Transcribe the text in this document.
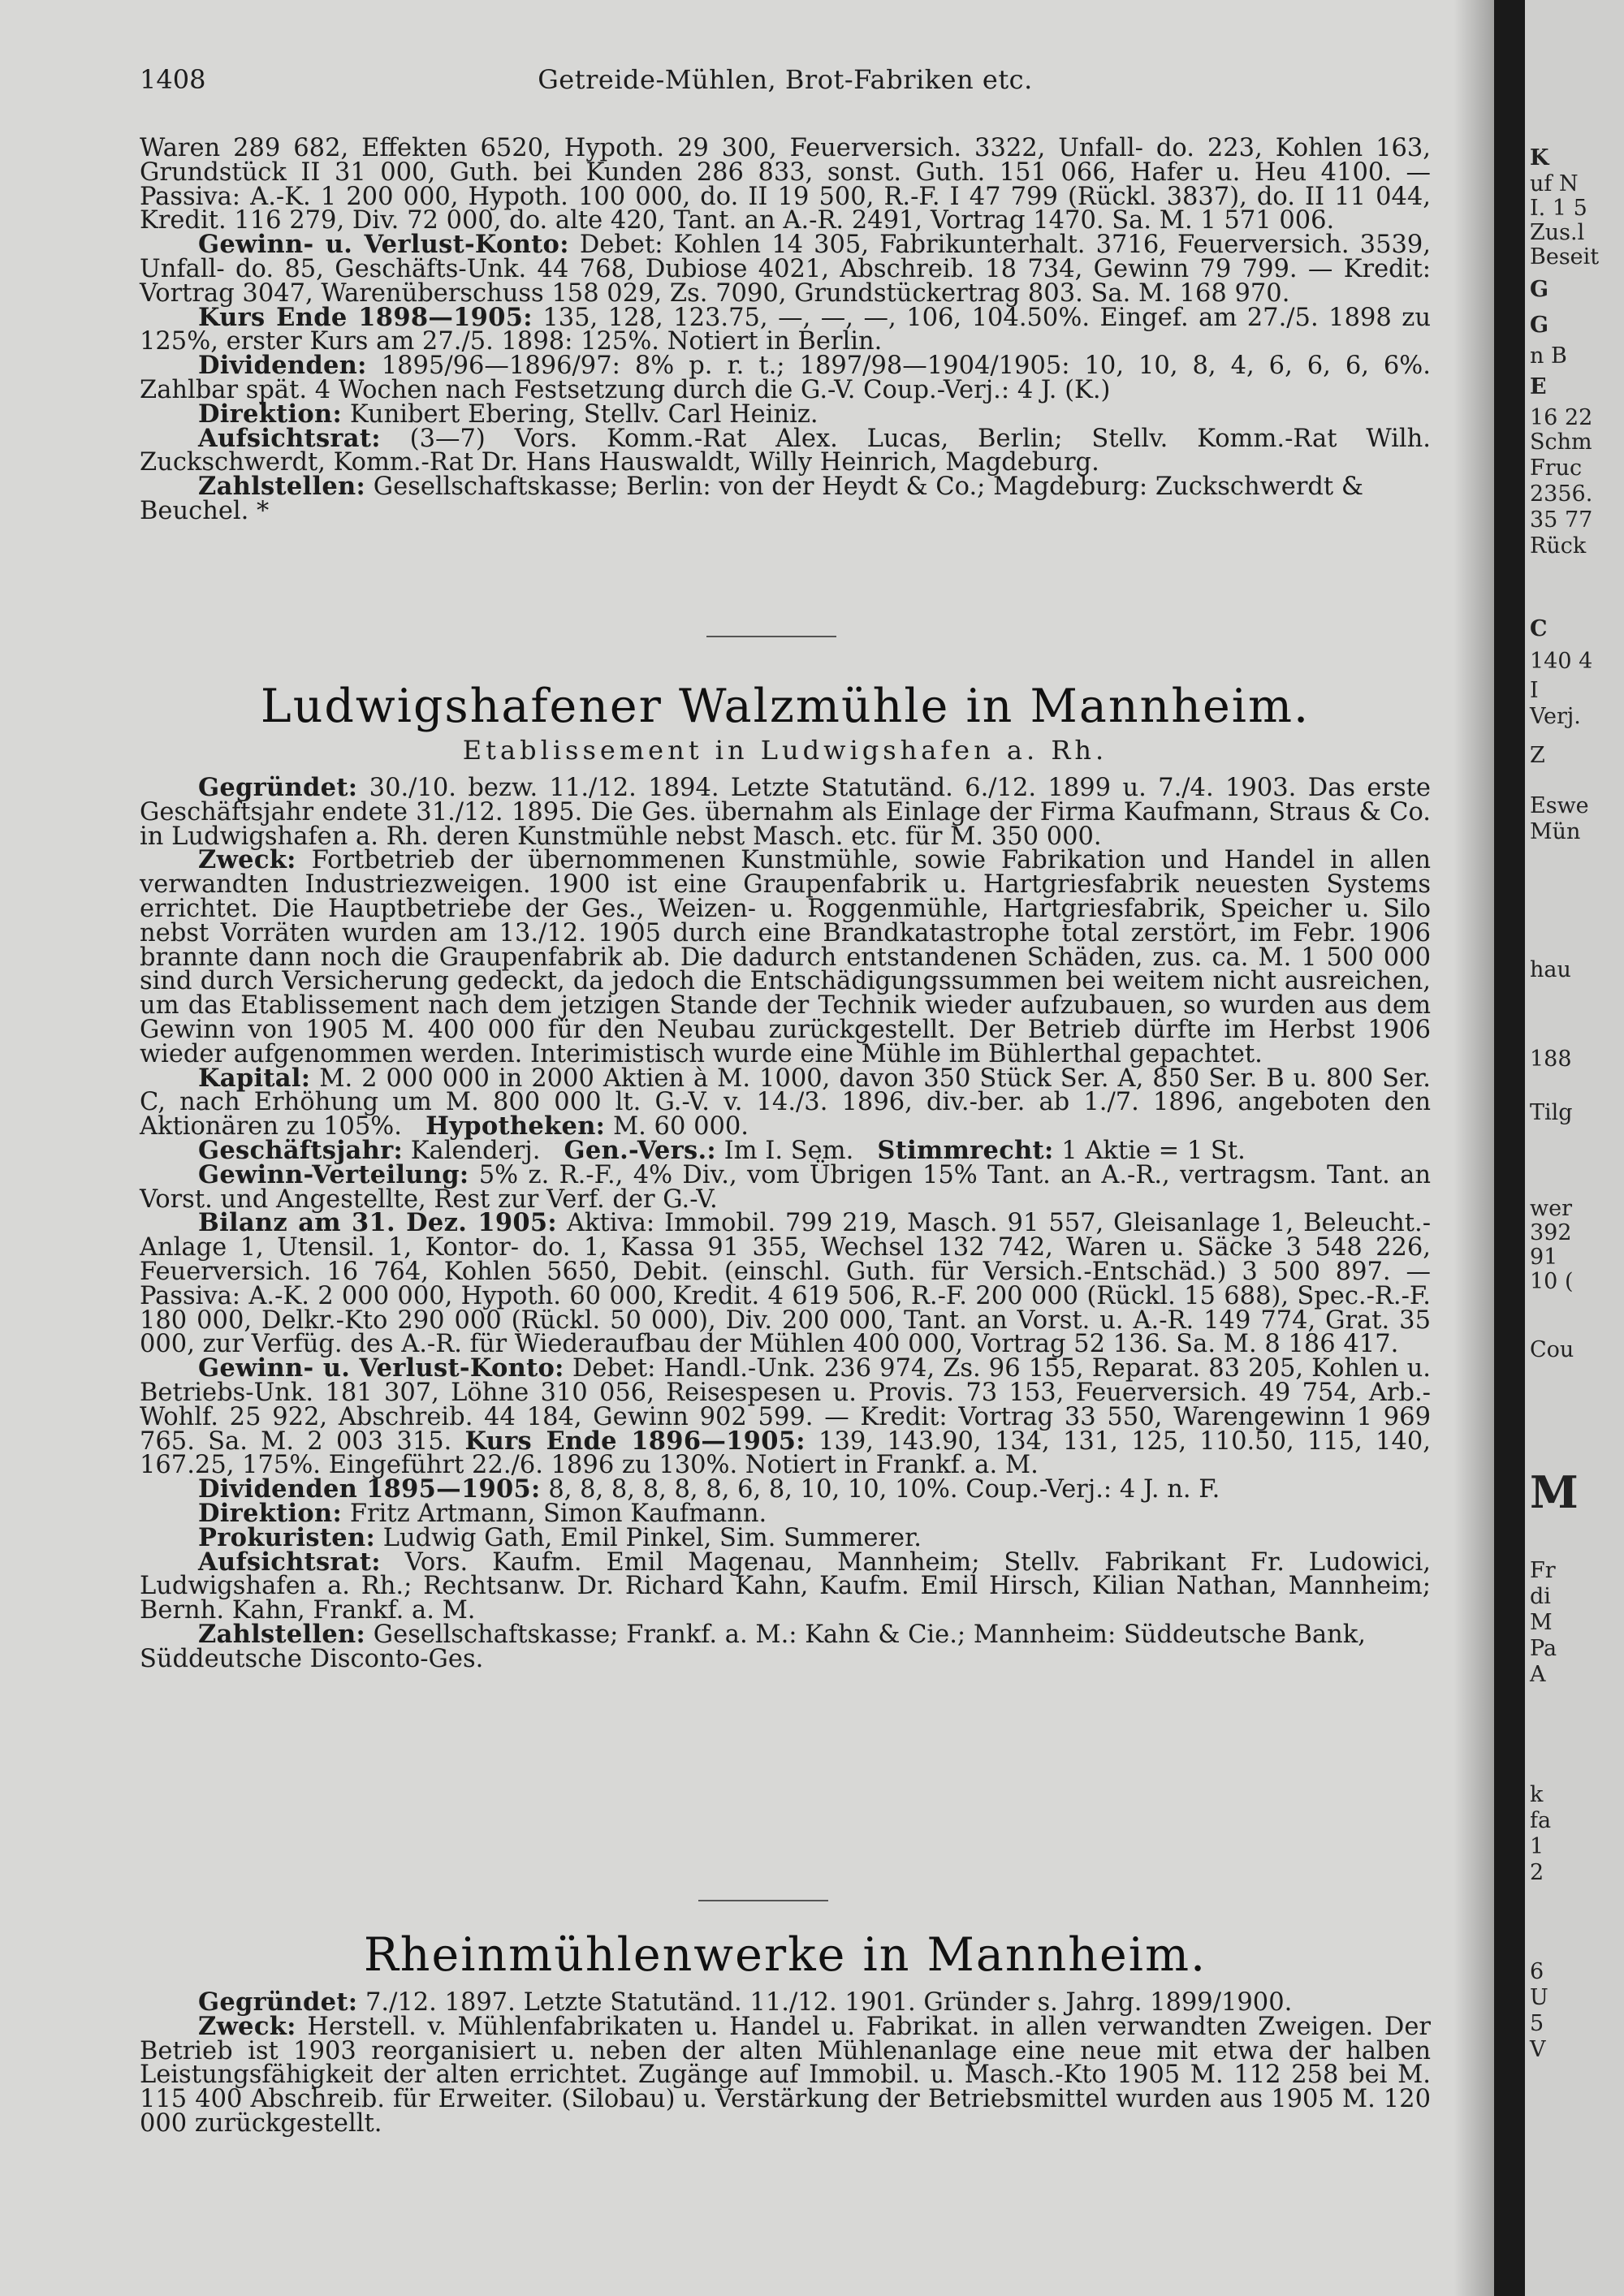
1408	Getreide-Mühlen, Brot-Fabriken etc.

Waren 289 682, Effekten 6520, Hypoth. 29 300, Feuerversich. 3322, Unfall- do. 223, Kohlen 163, Grundstück II 31 000, Guth. bei Kunden 286 833, sonst. Guth. 151 066, Hafer u. Heu 4100. — Passiva: A.-K. 1 200 000, Hypoth. 100 000, do. II 19 500, R.-F. I 47 799 (Rückl. 3837), do. II 11 044, Kredit. 116 279, Div. 72 000, do. alte 420, Tant. an A.-R. 2491, Vortrag 1470. Sa. M. 1 571 006.

Gewinn- u. Verlust-Konto: Debet: Kohlen 14 305, Fabrikunterhalt. 3716, Feuerversich. 3539, Unfall- do. 85, Geschäfts-Unk. 44 768, Dubiose 4021, Abschreib. 18 734, Gewinn 79 799. — Kredit: Vortrag 3047, Warenüberschuss 158 029, Zs. 7090, Grundstückertrag 803. Sa. M. 168 970.

Kurs Ende 1898—1905: 135, 128, 123.75, —, —, —, 106, 104.50%. Eingef. am 27./5. 1898 zu 125%, erster Kurs am 27./5. 1898: 125%. Notiert in Berlin.

Dividenden: 1895/96—1896/97: 8% p. r. t.; 1897/98—1904/1905: 10, 10, 8, 4, 6, 6, 6, 6%. Zahlbar spät. 4 Wochen nach Festsetzung durch die G.-V. Coup.-Verj.: 4 J. (K.)

Direktion: Kunibert Ebering, Stellv. Carl Heiniz.

Aufsichtsrat: (3—7) Vors. Komm.-Rat Alex. Lucas, Berlin; Stellv. Komm.-Rat Wilh. Zuckschwerdt, Komm.-Rat Dr. Hans Hauswaldt, Willy Heinrich, Magdeburg.

Zahlstellen: Gesellschaftskasse; Berlin: von der Heydt & Co.; Magdeburg: Zuckschwerdt & Beuchel. *

Ludwigshafener Walzmühle in Mannheim.
Etablissement in Ludwigshafen a. Rh.

Gegründet: 30./10. bezw. 11./12. 1894. Letzte Statutänd. 6./12. 1899 u. 7./4. 1903. Das erste Geschäftsjahr endete 31./12. 1895. Die Ges. übernahm als Einlage der Firma Kaufmann, Straus & Co. in Ludwigshafen a. Rh. deren Kunstmühle nebst Masch. etc. für M. 350 000.

Zweck: Fortbetrieb der übernommenen Kunstmühle, sowie Fabrikation und Handel in allen verwandten Industriezweigen. 1900 ist eine Graupenfabrik u. Hartgriesfabrik neuesten Systems errichtet. Die Hauptbetriebe der Ges., Weizen- u. Roggenmühle, Hartgriesfabrik, Speicher u. Silo nebst Vorräten wurden am 13./12. 1905 durch eine Brandkatastrophe total zerstört, im Febr. 1906 brannte dann noch die Graupenfabrik ab. Die dadurch entstandenen Schäden, zus. ca. M. 1 500 000 sind durch Versicherung gedeckt, da jedoch die Entschädigungssummen bei weitem nicht ausreichen, um das Etablissement nach dem jetzigen Stande der Technik wieder aufzubauen, so wurden aus dem Gewinn von 1905 M. 400 000 für den Neubau zurückgestellt. Der Betrieb dürfte im Herbst 1906 wieder aufgenommen werden. Interimistisch wurde eine Mühle im Bühlerthal gepachtet.

Kapital: M. 2 000 000 in 2000 Aktien à M. 1000, davon 350 Stück Ser. A, 850 Ser. B u. 800 Ser. C, nach Erhöhung um M. 800 000 lt. G.-V. v. 14./3. 1896, div.-ber. ab 1./7. 1896, angeboten den Aktionären zu 105%. Hypotheken: M. 60 000.

Geschäftsjahr: Kalenderj. Gen.-Vers.: Im I. Sem. Stimmrecht: 1 Aktie = 1 St.

Gewinn-Verteilung: 5% z. R.-F., 4% Div., vom Übrigen 15% Tant. an A.-R., vertragsm. Tant. an Vorst. und Angestellte, Rest zur Verf. der G.-V.

Bilanz am 31. Dez. 1905: Aktiva: Immobil. 799 219, Masch. 91 557, Gleisanlage 1, Beleucht.-Anlage 1, Utensil. 1, Kontor- do. 1, Kassa 91 355, Wechsel 132 742, Waren u. Säcke 3 548 226, Feuerversich. 16 764, Kohlen 5650, Debit. (einschl. Guth. für Versich.-Entschäd.) 3 500 897. — Passiva: A.-K. 2 000 000, Hypoth. 60 000, Kredit. 4 619 506, R.-F. 200 000 (Rückl. 15 688), Spec.-R.-F. 180 000, Delkr.-Kto 290 000 (Rückl. 50 000), Div. 200 000, Tant. an Vorst. u. A.-R. 149 774, Grat. 35 000, zur Verfüg. des A.-R. für Wiederaufbau der Mühlen 400 000, Vortrag 52 136. Sa. M. 8 186 417.

Gewinn- u. Verlust-Konto: Debet: Handl.-Unk. 236 974, Zs. 96 155, Reparat. 83 205, Kohlen u. Betriebs-Unk. 181 307, Löhne 310 056, Reisespesen u. Provis. 73 153, Feuerversich. 49 754, Arb.-Wohlf. 25 922, Abschreib. 44 184, Gewinn 902 599. — Kredit: Vortrag 33 550, Warengewinn 1 969 765. Sa. M. 2 003 315. Kurs Ende 1896—1905: 139, 143.90, 134, 131, 125, 110.50, 115, 140, 167.25, 175%. Eingeführt 22./6. 1896 zu 130%. Notiert in Frankf. a. M.

Dividenden 1895—1905: 8, 8, 8, 8, 8, 8, 6, 8, 10, 10, 10%. Coup.-Verj.: 4 J. n. F.

Direktion: Fritz Artmann, Simon Kaufmann.

Prokuristen: Ludwig Gath, Emil Pinkel, Sim. Summerer.

Aufsichtsrat: Vors. Kaufm. Emil Magenau, Mannheim; Stellv. Fabrikant Fr. Ludowici, Ludwigshafen a. Rh.; Rechtsanw. Dr. Richard Kahn, Kaufm. Emil Hirsch, Kilian Nathan, Mannheim; Bernh. Kahn, Frankf. a. M.

Zahlstellen: Gesellschaftskasse; Frankf. a. M.: Kahn & Cie.; Mannheim: Süddeutsche Bank, Süddeutsche Disconto-Ges.

Rheinmühlenwerke in Mannheim.

Gegründet: 7./12. 1897. Letzte Statutänd. 11./12. 1901. Gründer s. Jahrg. 1899/1900.

Zweck: Herstell. v. Mühlenfabrikaten u. Handel u. Fabrikat. in allen verwandten Zweigen. Der Betrieb ist 1903 reorganisiert u. neben der alten Mühlenanlage eine neue mit etwa der halben Leistungsfähigkeit der alten errichtet. Zugänge auf Immobil. u. Masch.-Kto 1905 M. 112 258 bei M. 115 400 Abschreib. für Erweiter. (Silobau) u. Verstärkung der Betriebsmittel wurden aus 1905 M. 120 000 zurückgestellt.

K
uf N
I. 1 5
Zus.l
Beseit
G
G
n B
E
16 22
Schm
Fruc
2356.
35 77
Rück
C
140 4
I
Verj.
Z
Eswe
Mün
hau
188
Tilg
wer
392
91
10 (
Cou
M
Fr
di
M
Pa
A
k
fa
1
2
6
U
5
V
